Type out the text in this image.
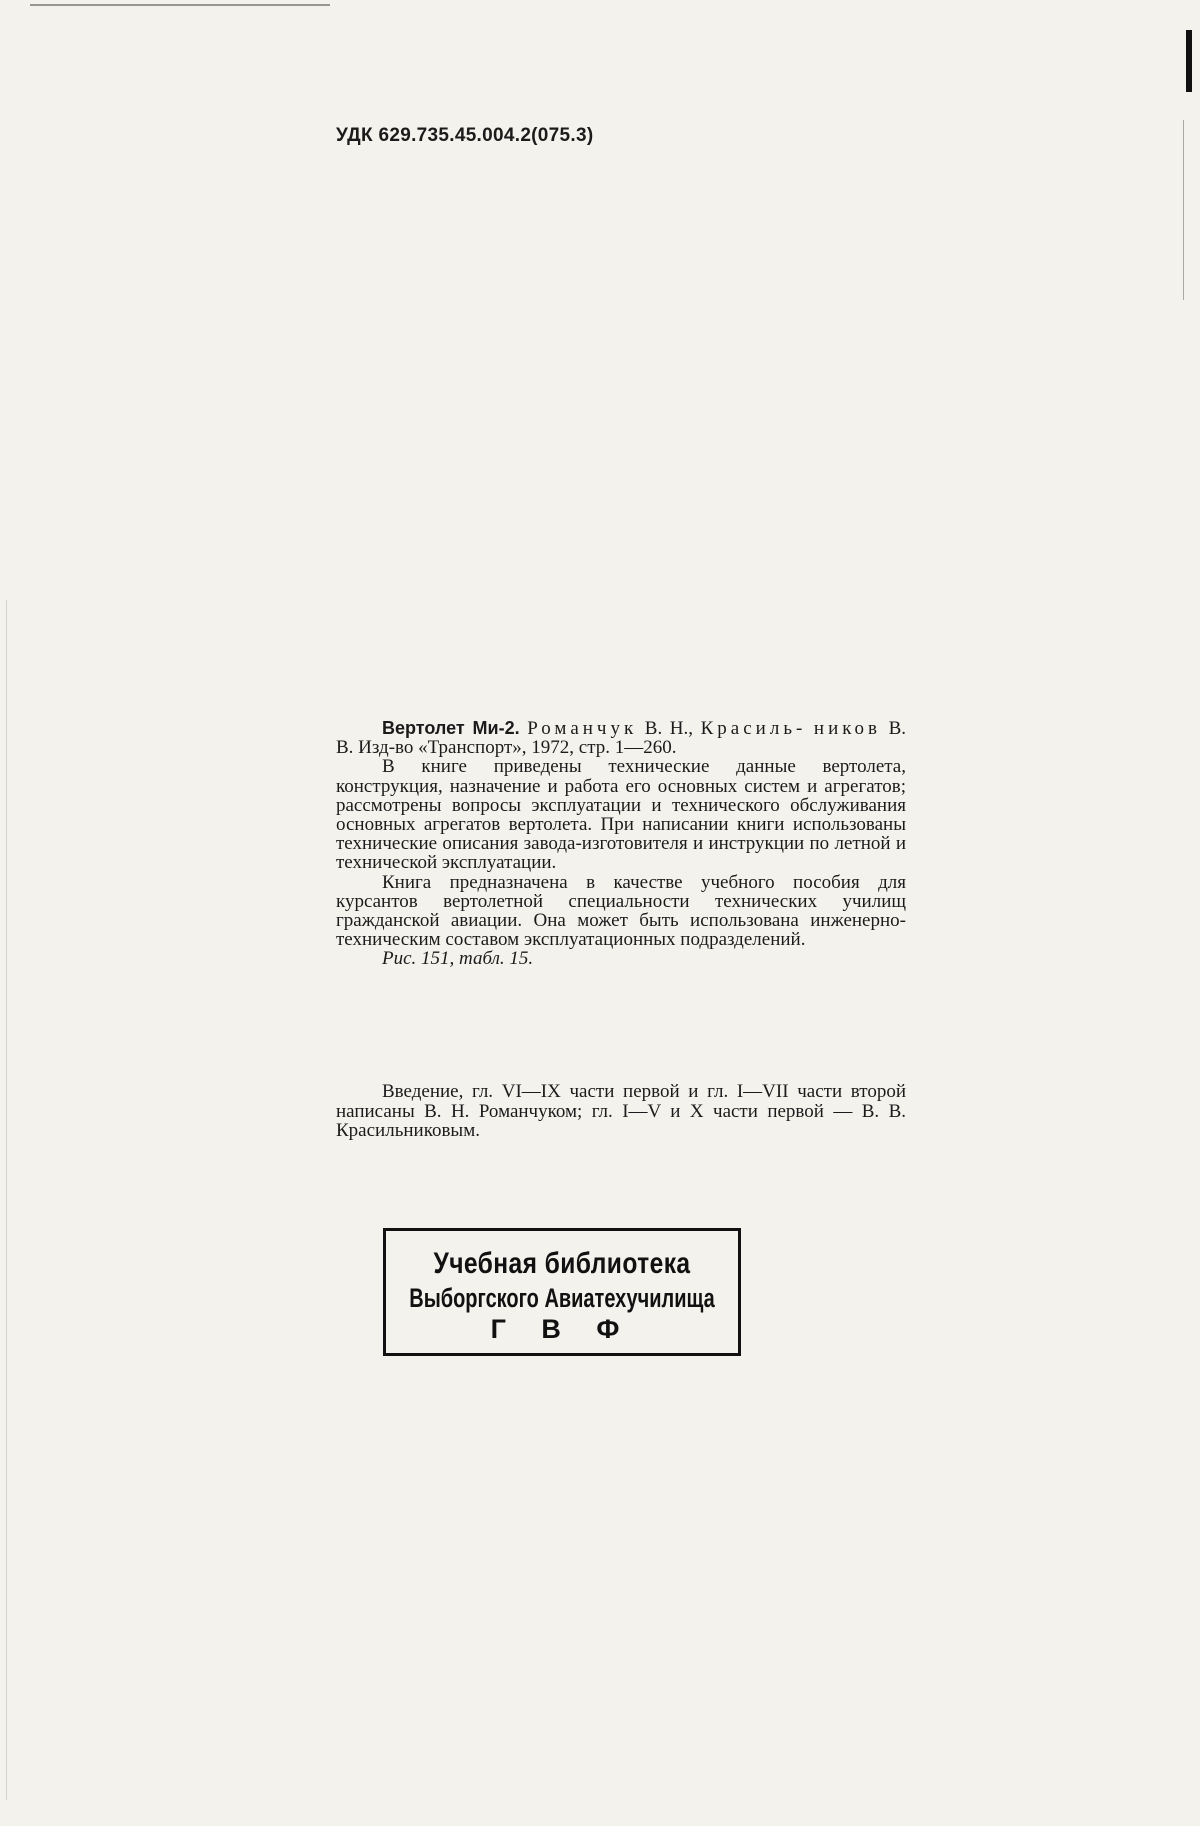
УДК 629.735.45.004.2(075.3)

Вертолет Ми-2. Романчук В. Н., Красиль- ников В. В. Изд-во «Транспорт», 1972, стр. 1—260.

В книге приведены технические данные вертолета, конструкция, назначение и работа его основных систем и агрегатов; рассмотрены вопросы эксплуатации и технического обслуживания основных агрегатов вертолета. При написании книги использованы технические описания завода-изготовителя и инструкции по летной и технической эксплуатации.

Книга предназначена в качестве учебного пособия для курсантов вертолетной специальности технических училищ гражданской авиации. Она может быть использована инженерно-техническим составом эксплуатационных подразделений.

Рис. 151, табл. 15.

Введение, гл. VI—IX части первой и гл. I—VII части второй написаны В. Н. Романчуком; гл. I—V и X части первой — В. В. Красильниковым.

Учебная библиотека
Выборгского Авиатехучилища
Г В Ф
